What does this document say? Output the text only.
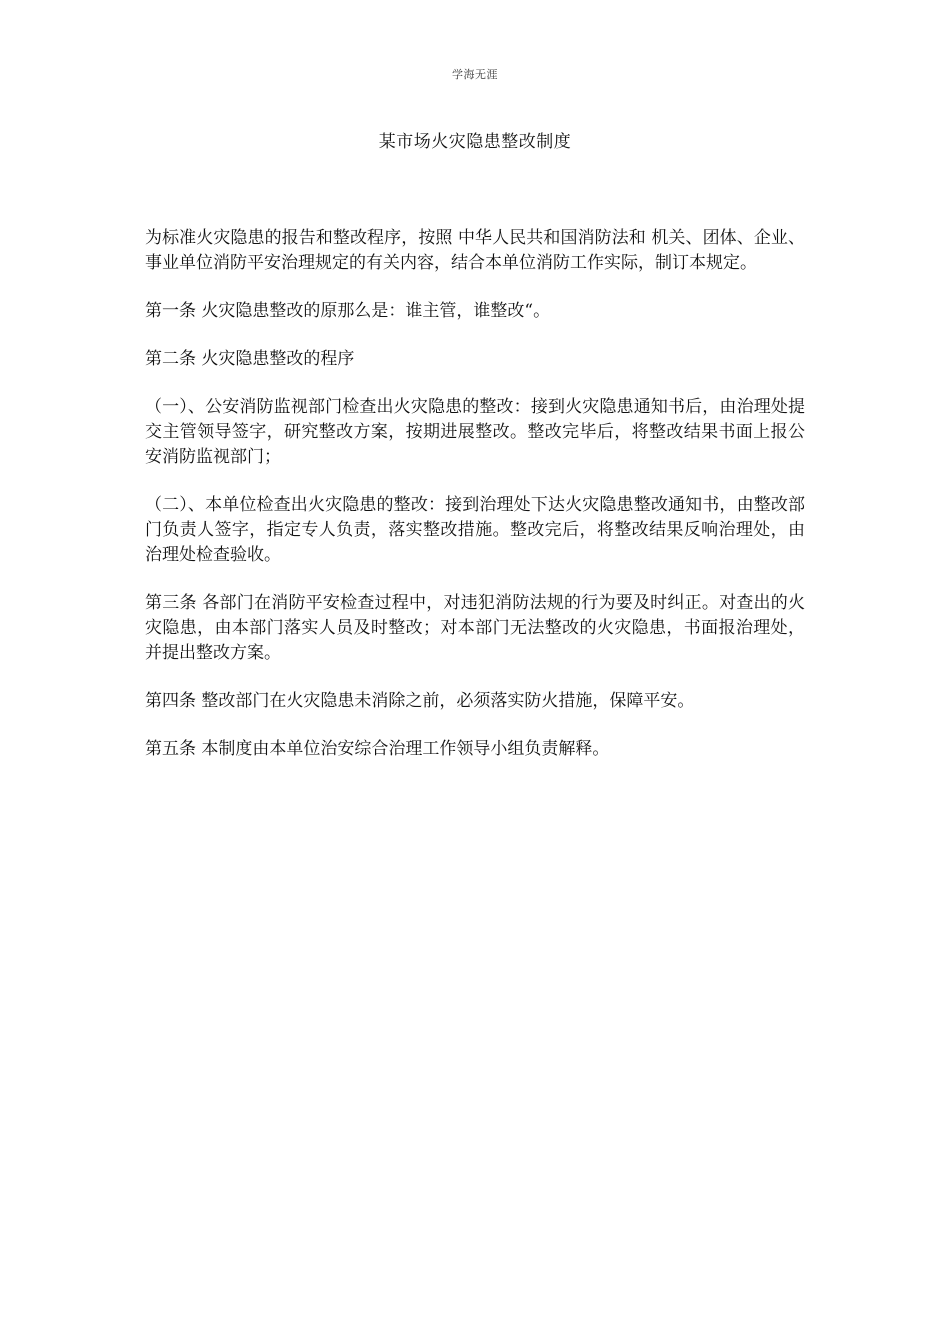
学海无涯
某市场火灾隐患整改制度

为标准火灾隐患的报告和整改程序，按照 中华人民共和国消防法和 机关、团体、企业、事业单位消防平安治理规定的有关内容，结合本单位消防工作实际，制订本规定。

第一条 火灾隐患整改的原那么是：谁主管，谁整改“。

第二条 火灾隐患整改的程序

（一）、公安消防监视部门检查出火灾隐患的整改：接到火灾隐患通知书后，由治理处提交主管领导签字，研究整改方案，按期进展整改。整改完毕后，将整改结果书面上报公安消防监视部门；

（二）、本单位检查出火灾隐患的整改：接到治理处下达火灾隐患整改通知书，由整改部门负责人签字，指定专人负责，落实整改措施。整改完后，将整改结果反响治理处，由治理处检查验收。

第三条 各部门在消防平安检查过程中，对违犯消防法规的行为要及时纠正。对查出的火灾隐患，由本部门落实人员及时整改；对本部门无法整改的火灾隐患，书面报治理处，并提出整改方案。

第四条 整改部门在火灾隐患未消除之前，必须落实防火措施，保障平安。

第五条 本制度由本单位治安综合治理工作领导小组负责解释。
